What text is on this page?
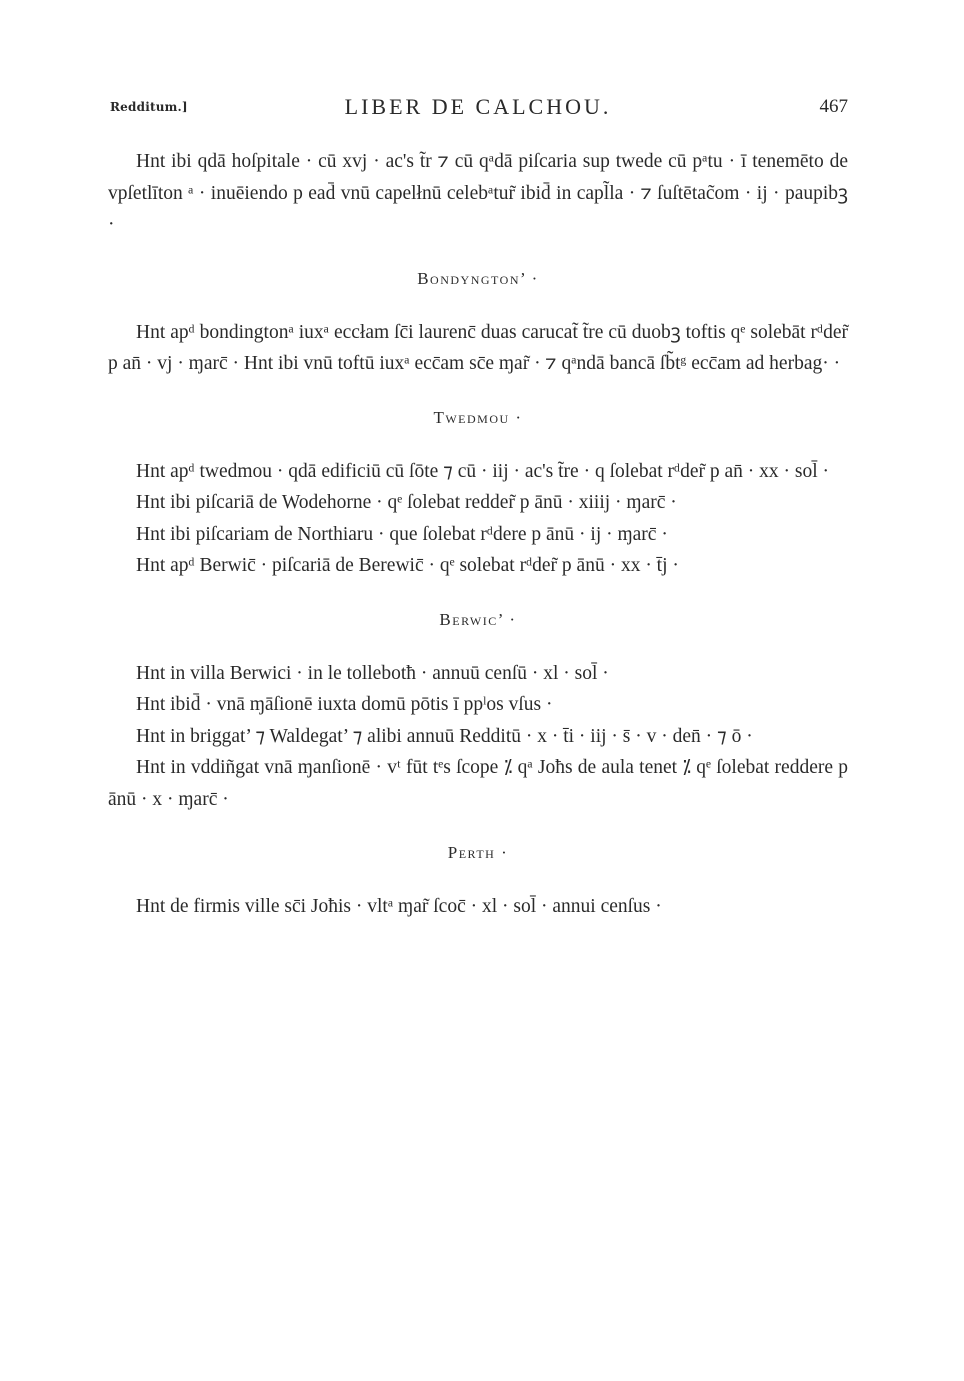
Redditum.]	LIBER DE CALCHOU.	467

Hnt ibi qdā hoſpitale · cū xvj · ac's t̃r ⁊ cū qᵃdā piſcaria sup twede cū pᵃtu · ī tenemēto de vpſetlīton ᵃ · inuēiendo p ead̄ vnū capelłnū celebᵃtur̃ ibid̄ in capl̃la · ⁊ ſuſtētac̃om · ij · paupibꝫ ·

Bondyngton’ ·

Hnt apᵈ bondingtonᵃ iuxᵃ eccłam ſc̄i laurenc̄ duas carucat̃ t̃re cū duobꝫ toftis qᵉ solebāt rᵈder̃ p an̄ · vj · ɱarc̄ · Hnt ibi vnū toftū iuxᵃ ecc̄am sc̄e ɱar̃ · ⁊ qᵃndā bancā ſb̃tᵍ ecc̄am ad herbag· ·

Twedmou ·

Hnt apᵈ twedmou · qdā edificiū cū ſōte ⁊ cū · iij · ac's t̃re · q ſolebat rᵈder̃ p an̄ · xx · sol̄ ·

Hnt ibi piſcariā de Wodehorne · qᵉ ſolebat redder̃ p ānū · xiiij · ɱarc̄ ·

Hnt ibi piſcariam de Northiaru · que ſolebat rᵈdere p ānū · ij · ɱarc̄ ·

Hnt apᵈ Berwic̄ · piſcariā de Berewic̄ · qᵉ solebat rᵈder̃ p ānū · xx · t̄j ·

Berwic’ ·

Hnt in villa Berwici · in le tollebotħ · annuū cenſū · xl · sol̄ ·

Hnt ibid̄ · vnā ɱāſionē iuxta domū pōtis ī ppˡos vſus ·

Hnt in briggat’ ⁊ Waldegat’ ⁊ alibi annuū Redditū · x · t̄i · iij · s̄ · v · den̄ · ⁊ ō ·

Hnt in vddiñgat vnā ɱanſionē · vᵗ fūt tᵉs ſcope ⁒ qᵃ Joħs de aula tenet ⁒ qᵉ ſolebat reddere p ānū · x · ɱarc̄ ·

Perth ·

Hnt de firmis ville sc̄i Joħis · vltᵃ ɱar̃ ſcoc̄ · xl · sol̄ · annui cenſus ·
